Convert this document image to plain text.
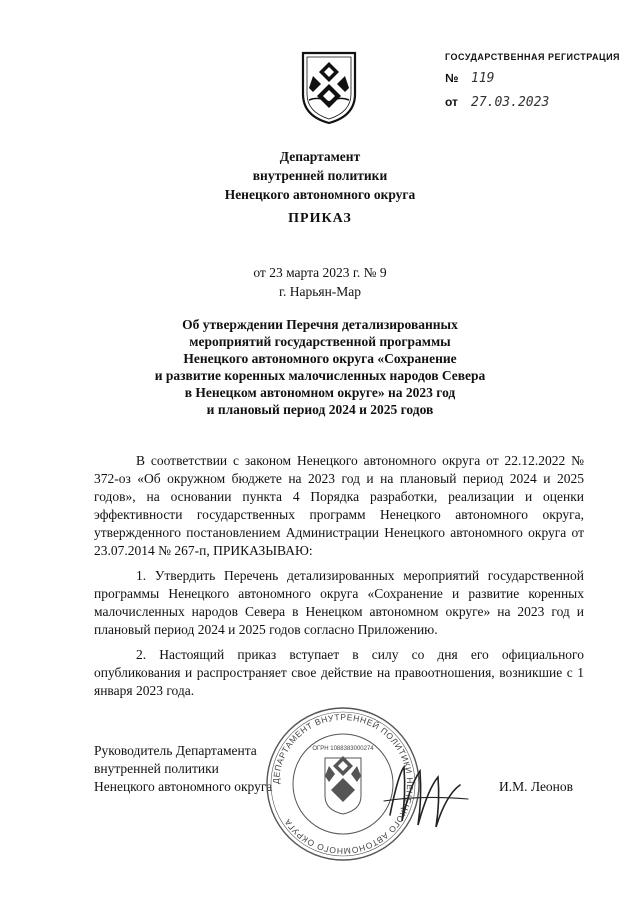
ГОСУДАРСТВЕННАЯ РЕГИСТРАЦИЯ
№ 119
от	27.03.2023
Департамент
внутренней политики
Ненецкого автономного округа
ПРИКАЗ
от 23 марта 2023 г. № 9
г. Нарьян-Мар
Об утверждении Перечня детализированных
мероприятий государственной программы
Ненецкого автономного округа «Сохранение
и развитие коренных малочисленных народов Севера
в Ненецком автономном округе» на 2023 год
и плановый период 2024 и 2025 годов

В соответствии с законом Ненецкого автономного округа от 22.12.2022 № 372-оз «Об окружном бюджете на 2023 год и на плановый период 2024 и 2025 годов», на основании пункта 4 Порядка разработки, реализации и оценки эффективности государственных программ Ненецкого автономного округа, утвержденного постановлением Администрации Ненецкого автономного округа от 23.07.2014 № 267-п, ПРИКАЗЫВАЮ:

1. Утвердить Перечень детализированных мероприятий государственной программы Ненецкого автономного округа «Сохранение и развитие коренных малочисленных народов Севера в Ненецком автономном округе» на 2023 год и плановый период 2024 и 2025 годов согласно Приложению.

2. Настоящий приказ вступает в силу со дня его официального опубликования и распространяет свое действие на правоотношения, возникшие с 1 января 2023 года.

Руководитель Департамента
внутренней политики
Ненецкого автономного округа	И.М. Леонов
ДЕПАРТАМЕНТ ВНУТРЕННЕЙ ПОЛИТИКИ НЕНЕЦКОГО АВТОНОМНОГО ОКРУГА
ОГРН 1088383000274
